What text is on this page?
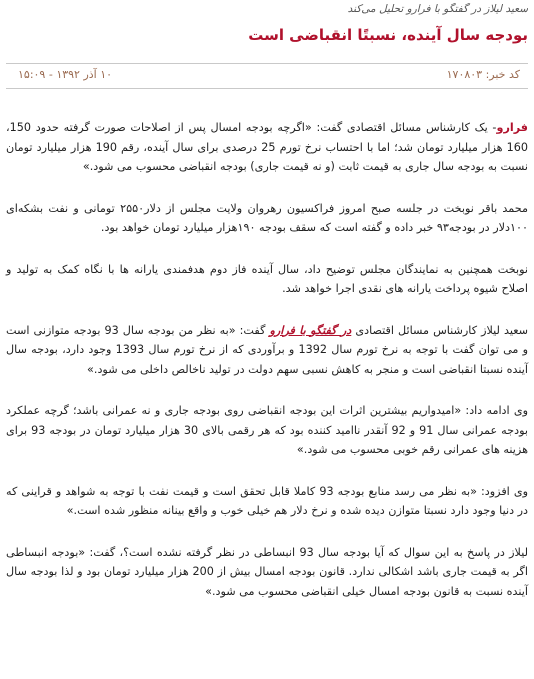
سعید لیلاز در گفتگو با فرارو تحلیل می‌کند
بودجه سال آینده، نسبتًا انقباضی است
کد خبر: ۱۷۰۸۰۳
۱۰ آذر ۱۳۹۲ - ۱۵:۰۹

فرارو- یک کارشناس مسائل اقتصادی گفت: «اگرچه بودجه امسال پس از اصلاحات صورت گرفته حدود 150، 160 هزار میلیارد تومان شد؛ اما با احتساب نرخ تورم 25 درصدی برای سال آینده، رقم 190 هزار میلیارد تومان نسبت به بودجه سال جاری به قیمت ثابت (و نه قیمت جاری) بودجه انقباضی محسوب می شود.»

محمد باقر نوبخت در جلسه صبح امروز فراکسیون رهروان ولایت مجلس از دلار۲۵۵۰ تومانی و نفت بشکه‌ای ۱۰۰دلار در بودجه۹۳ خبر داده و گفته است که سقف بودجه ۱۹۰هزار میلیارد تومان خواهد بود.

نوبخت همچنین به نمایندگان مجلس توضیح داد، سال آینده فاز دوم هدفمندی یارانه ها با نگاه کمک به تولید و اصلاح شیوه پرداخت یارانه های نقدی اجرا خواهد شد.

سعید لیلاز کارشناس مسائل اقتصادی در گفتگو با فرارو گفت: «به نظر من بودجه سال 93 بودجه متوازنی است و می توان گفت با توجه به نرخ تورم سال 1392 و برآوردی که از نرخ تورم سال 1393 وجود دارد، بودجه سال آینده نسبتا انقباضی است و منجر به کاهش نسبی سهم دولت در تولید ناخالص داخلی می شود.»

وی ادامه داد: «امیدواریم بیشترین اثرات این بودجه انقباضی روی بودجه جاری و نه عمرانی باشد؛ گرچه عملکرد بودجه عمرانی سال 91 و 92 آنقدر ناامید کننده بود که هر رقمی بالای 30 هزار میلیارد تومان در بودجه 93 برای هزینه های عمرانی رقم خوبی محسوب می شود.»

وی افزود: «به نظر می رسد منابع بودجه 93 کاملا قابل تحقق است و قیمت نفت با توجه به شواهد و قراینی که در دنیا وجود دارد نسبتا متوازن دیده شده و نرخ دلار هم خیلی خوب و واقع بینانه منظور شده است.»

لیلاز در پاسخ به این سوال که آیا بودجه سال 93 انبساطی در نظر گرفته نشده است؟، گفت: «بودجه انبساطی اگر به قیمت جاری باشد اشکالی ندارد. قانون بودجه امسال بیش از 200 هزار میلیارد تومان بود و لذا بودجه سال آینده نسبت به قانون بودجه امسال خیلی انقباضی محسوب می شود.»
